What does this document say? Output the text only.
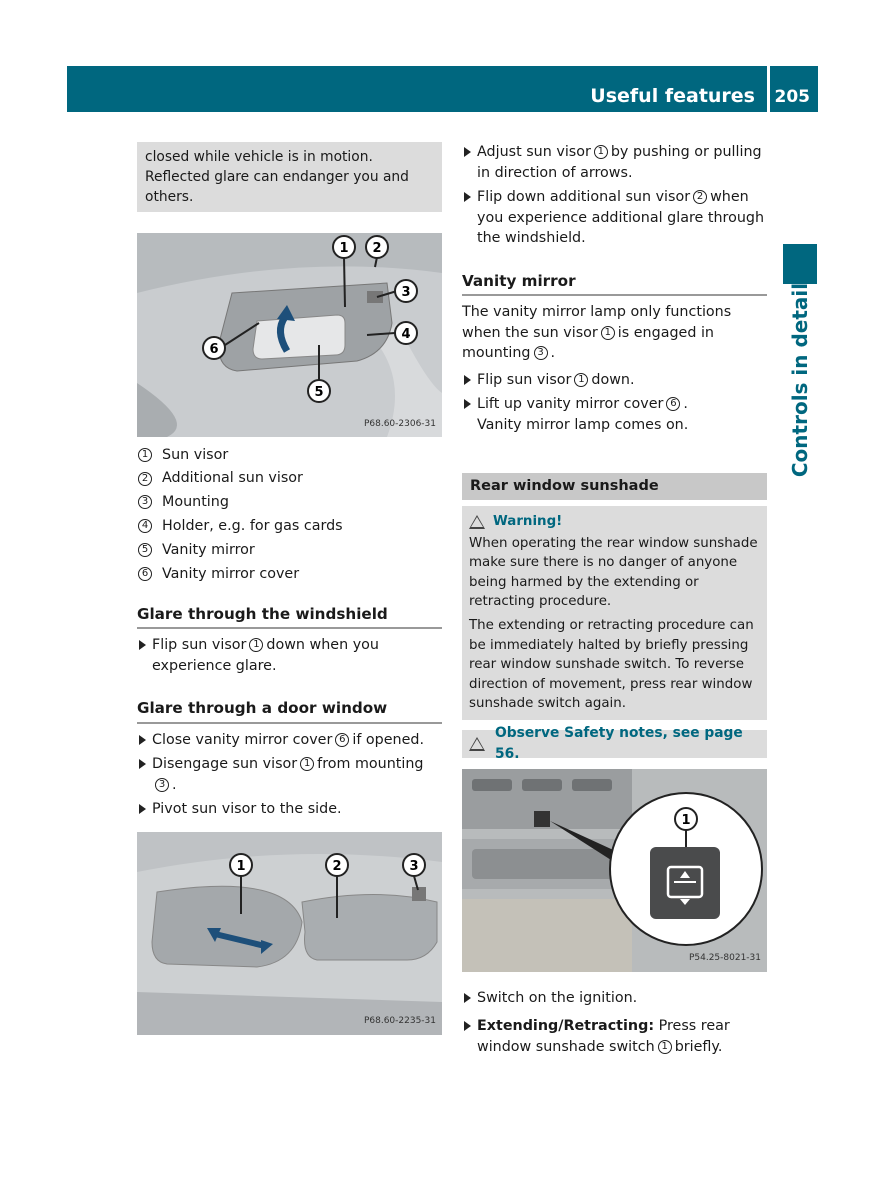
Useful features 205
Controls in detail
closed while vehicle is in motion. Reflected glare can endanger you and others.
1 2
3
4
5
6
P68.60-2306-31
1 Sun visor
2 Additional sun visor
3 Mounting
4 Holder, e.g. for gas cards
5 Vanity mirror
6 Vanity mirror cover
Glare through the windshield

Flip sun visor 1 down when you experience glare.

Glare through a door window

Close vanity mirror cover 6 if opened.

Disengage sun visor 1 from mounting3 .

Pivot sun visor to the side.

1	2	3
P68.60-2235-31

Adjust sun visor 1 by pushing or pulling in direction of arrows.

Flip down additional sun visor 2 when you experience additional glare through the windshield.

Vanity mirror

The vanity mirror lamp only functions when the sun visor 1 is engaged in mounting 3 .

Flip sun visor 1 down.

Lift up vanity mirror cover 6 .
Vanity mirror lamp comes on.

Rear window sunshade
Warning!

When operating the rear window sunshade make sure there is no danger of anyone being harmed by the extending or retracting procedure.

The extending or retracting procedure can be immediately halted by briefly pressing rear window sunshade switch. To reverse direction of movement, press rear window sunshade switch again.

Observe Safety notes, see page 56.
1
P54.25-8021-31

Switch on the ignition.

Extending/Retracting: Press rear window sunshade switch 1 briefly.
